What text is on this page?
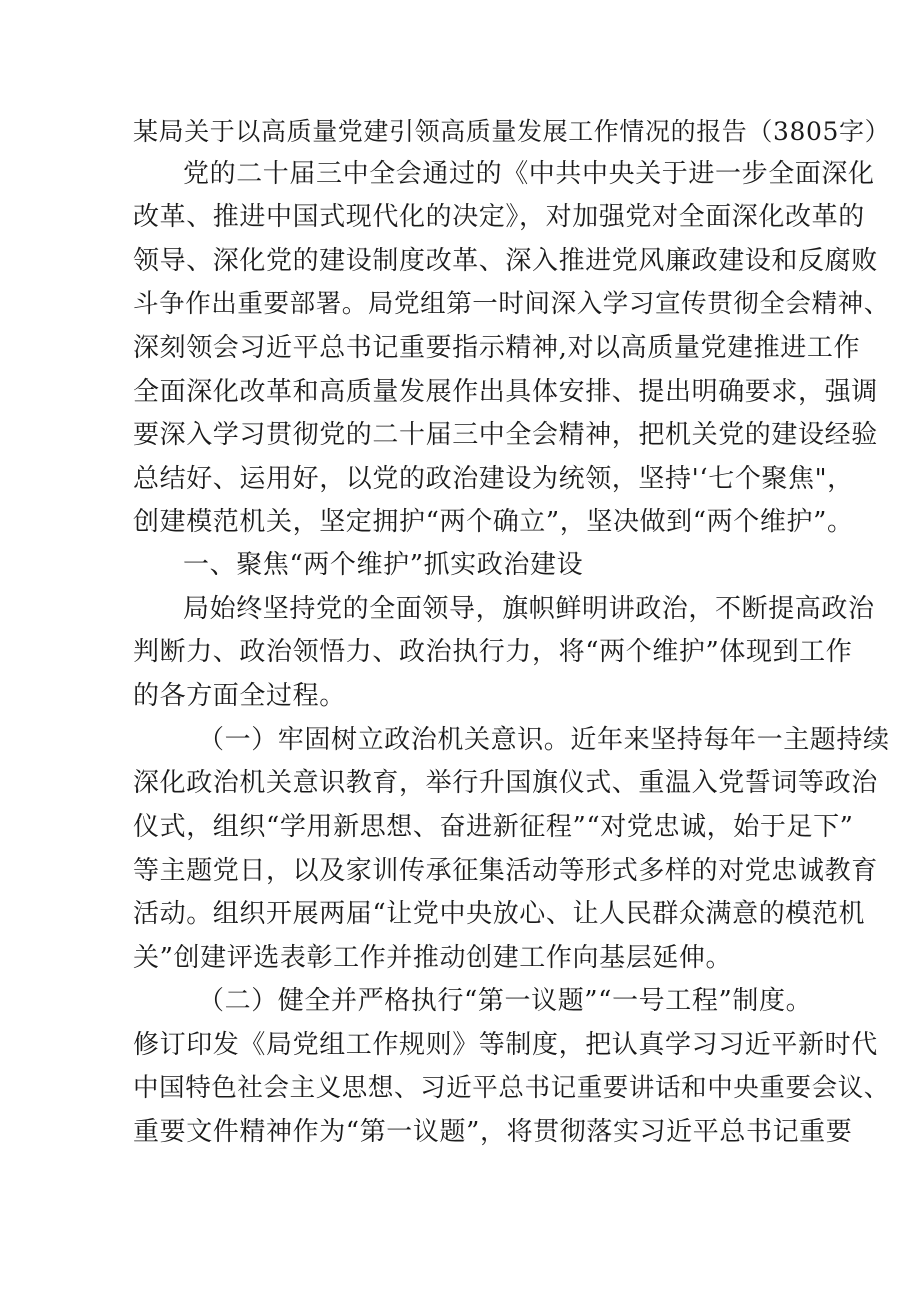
某局关于以高质量党建引领高质量发展工作情况的报告（3805字）
党的二十届三中全会通过的《中共中央关于进一步全面深化
改革、推进中国式现代化的决定》，对加强党对全面深化改革的
领导、深化党的建设制度改革、深入推进党风廉政建设和反腐败
斗争作出重要部署。局党组第一时间深入学习宣传贯彻全会精神、
深刻领会习近平总书记重要指示精神,对以高质量党建推进工作
全面深化改革和高质量发展作出具体安排、提出明确要求，强调
要深入学习贯彻党的二十届三中全会精神，把机关党的建设经验
总结好、运用好，以党的政治建设为统领，坚持'‘七个聚焦"，
创建模范机关，坚定拥护“两个确立”，坚决做到“两个维护”。
一、聚焦“两个维护”抓实政治建设
局始终坚持党的全面领导，旗帜鲜明讲政治，不断提高政治
判断力、政治领悟力、政治执行力，将“两个维护”体现到工作
的各方面全过程。
（一）牢固树立政治机关意识。近年来坚持每年一主题持续
深化政治机关意识教育，举行升国旗仪式、重温入党誓词等政治
仪式，组织“学用新思想、奋进新征程”“对党忠诚，始于足下”
等主题党日，以及家训传承征集活动等形式多样的对党忠诚教育
活动。组织开展两届“让党中央放心、让人民群众满意的模范机
关”创建评选表彰工作并推动创建工作向基层延伸。
（二）健全并严格执行“第一议题”“一号工程”制度。
修订印发《局党组工作规则》等制度，把认真学习习近平新时代
中国特色社会主义思想、习近平总书记重要讲话和中央重要会议、
重要文件精神作为“第一议题”，将贯彻落实习近平总书记重要
